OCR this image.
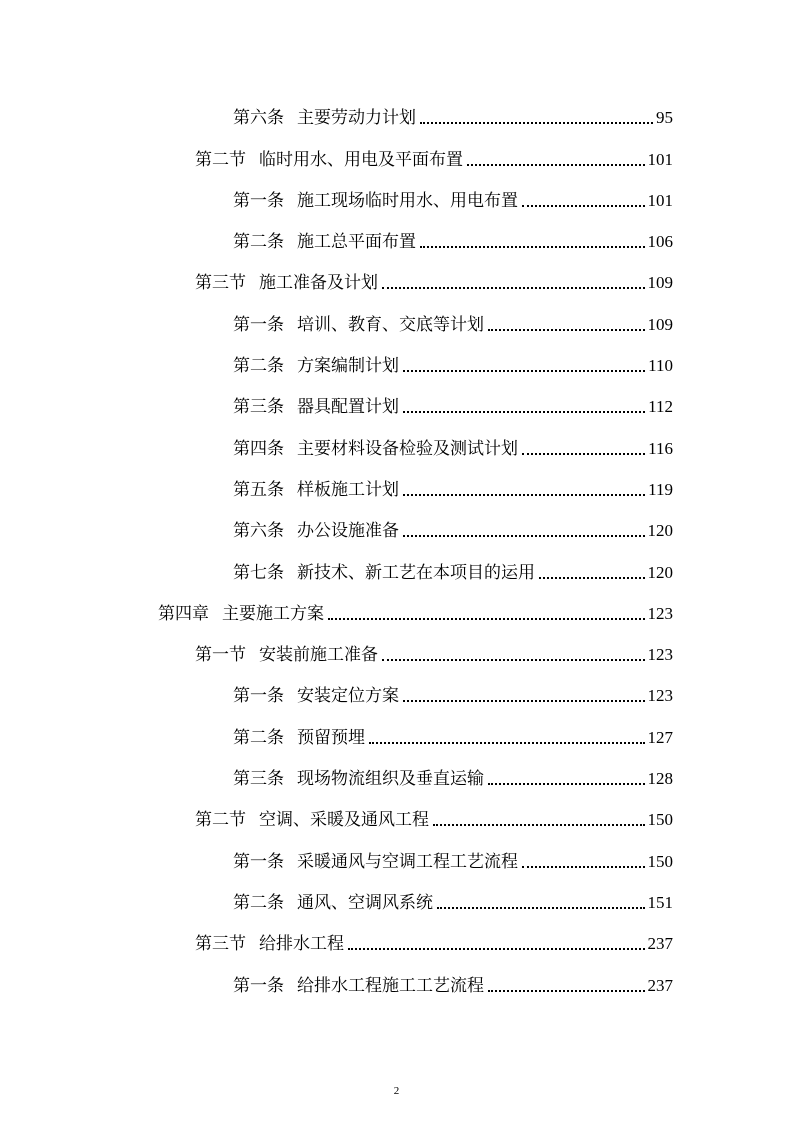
第六条 主要劳动力计划	95
第二节 临时用水、用电及平面布置	101
第一条 施工现场临时用水、用电布置	101
第二条 施工总平面布置	106
第三节 施工准备及计划	109
第一条 培训、教育、交底等计划	109
第二条 方案编制计划	110
第三条 器具配置计划	112
第四条 主要材料设备检验及测试计划	116
第五条 样板施工计划	119
第六条 办公设施准备	120
第七条 新技术、新工艺在本项目的运用	120
第四章 主要施工方案	123
第一节 安装前施工准备	123
第一条 安装定位方案	123
第二条 预留预埋	127
第三条 现场物流组织及垂直运输	128
第二节 空调、采暖及通风工程	150
第一条 采暖通风与空调工程工艺流程	150
第二条 通风、空调风系统	151
第三节 给排水工程	237
第一条 给排水工程施工工艺流程	237
2
